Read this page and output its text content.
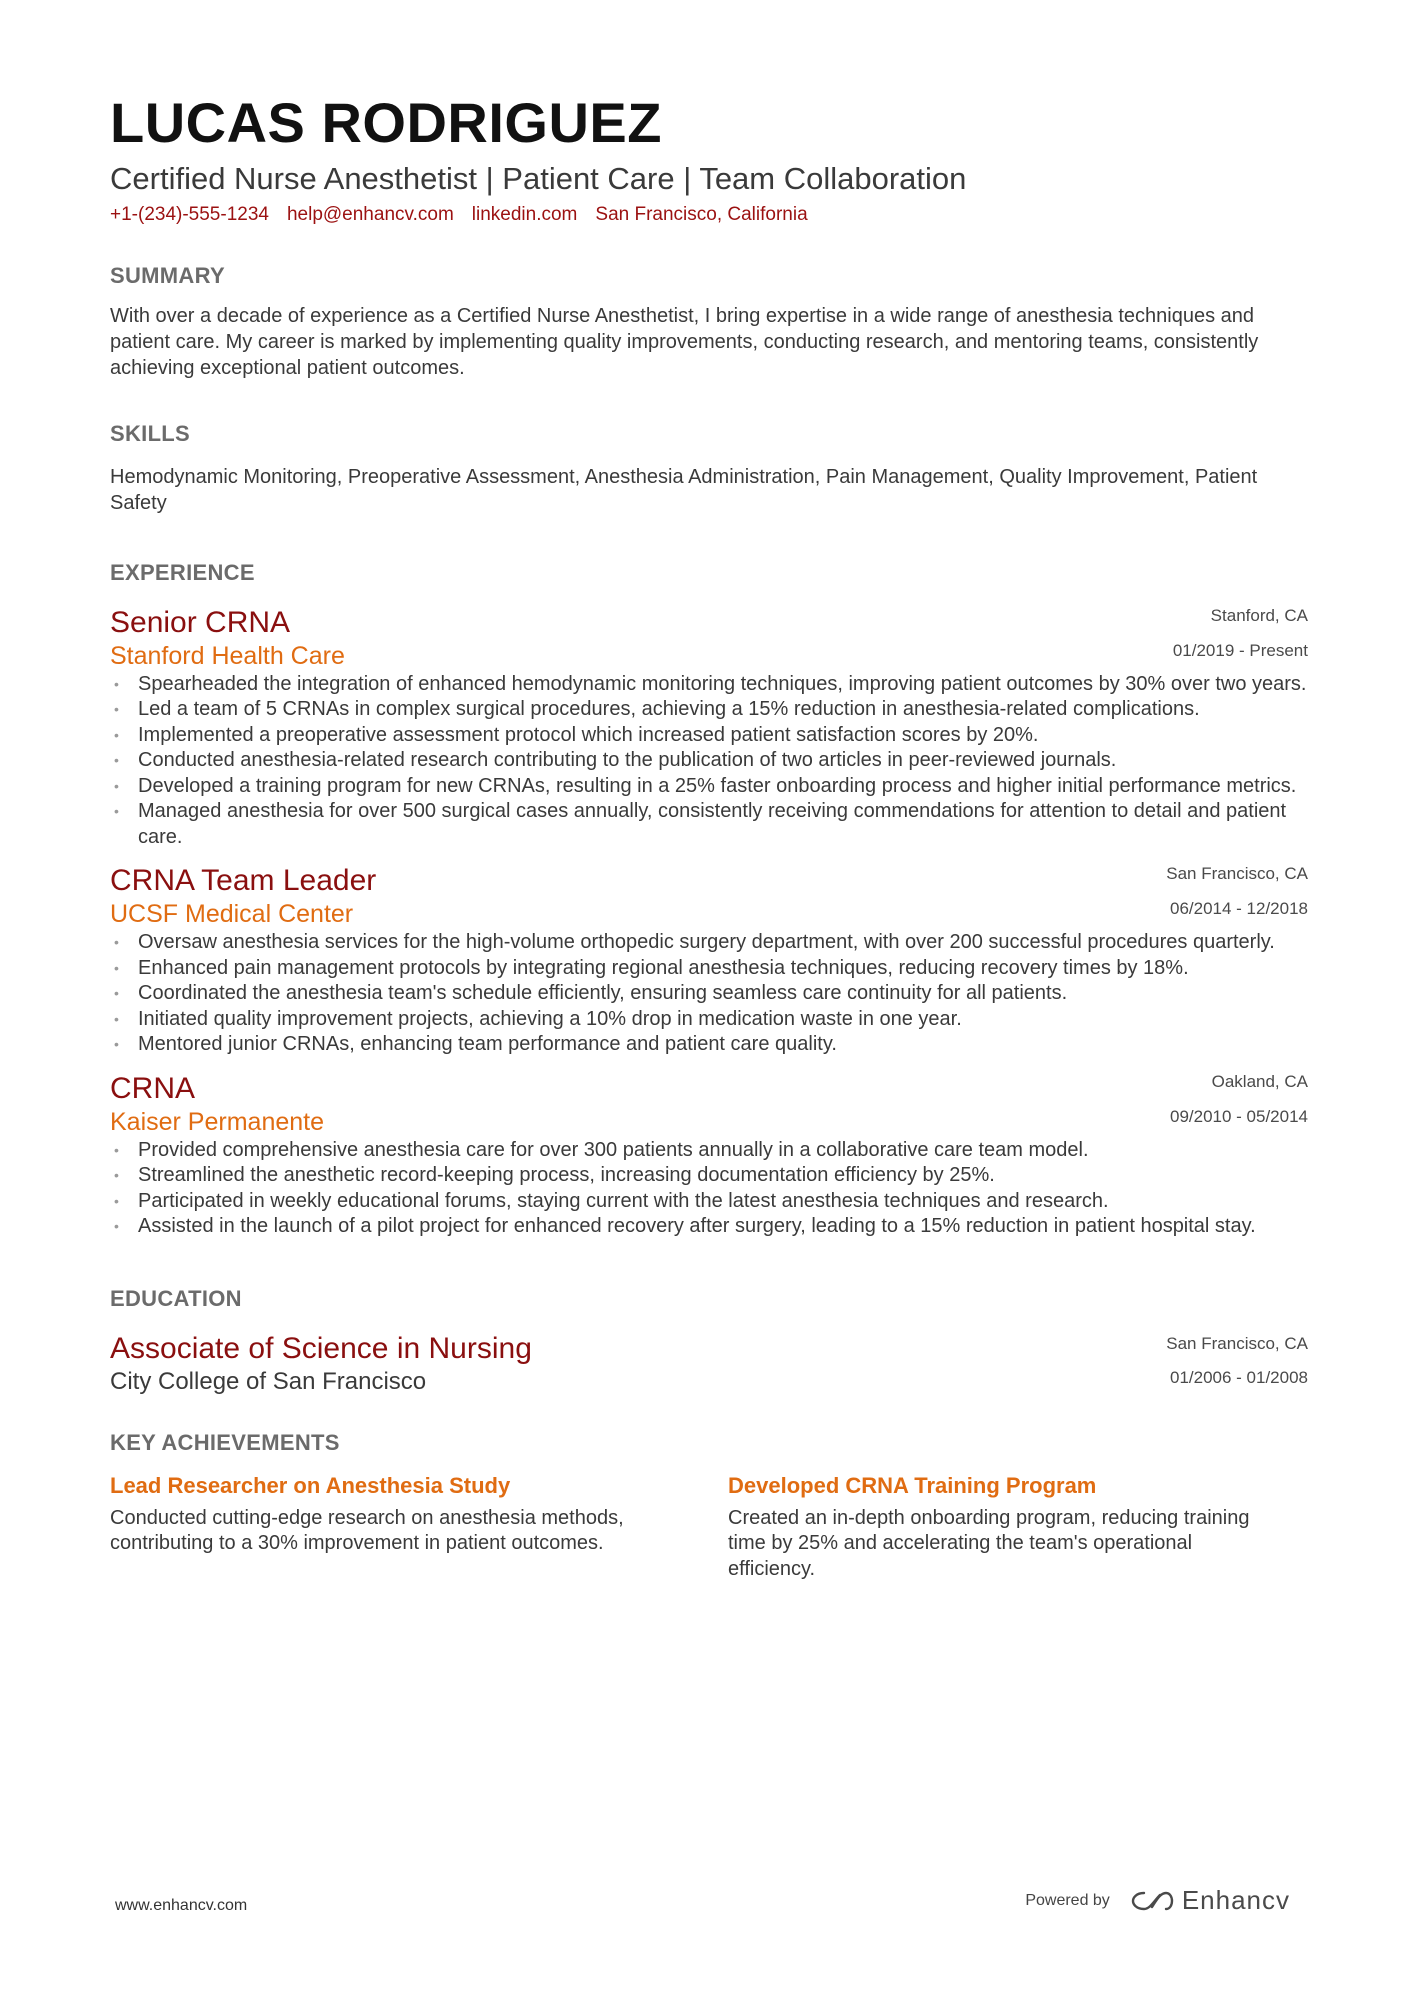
LUCAS RODRIGUEZ
Certified Nurse Anesthetist | Patient Care | Team Collaboration
+1-(234)-555-1234 help@enhancv.com linkedin.com San Francisco, California
SUMMARY
With over a decade of experience as a Certified Nurse Anesthetist, I bring expertise in a wide range of anesthesia techniques and patient care. My career is marked by implementing quality improvements, conducting research, and mentoring teams, consistently achieving exceptional patient outcomes.
SKILLS
Hemodynamic Monitoring, Preoperative Assessment, Anesthesia Administration, Pain Management, Quality Improvement, Patient Safety
EXPERIENCE
Senior CRNA
Stanford Health Care
Stanford, CA
01/2019 - Present
• Spearheaded the integration of enhanced hemodynamic monitoring techniques, improving patient outcomes by 30% over two years.
• Led a team of 5 CRNAs in complex surgical procedures, achieving a 15% reduction in anesthesia-related complications.
• Implemented a preoperative assessment protocol which increased patient satisfaction scores by 20%.
• Conducted anesthesia-related research contributing to the publication of two articles in peer-reviewed journals.
• Developed a training program for new CRNAs, resulting in a 25% faster onboarding process and higher initial performance metrics.
• Managed anesthesia for over 500 surgical cases annually, consistently receiving commendations for attention to detail and patient care.
CRNA Team Leader
UCSF Medical Center
San Francisco, CA
06/2014 - 12/2018
• Oversaw anesthesia services for the high-volume orthopedic surgery department, with over 200 successful procedures quarterly.
• Enhanced pain management protocols by integrating regional anesthesia techniques, reducing recovery times by 18%.
• Coordinated the anesthesia team's schedule efficiently, ensuring seamless care continuity for all patients.
• Initiated quality improvement projects, achieving a 10% drop in medication waste in one year.
• Mentored junior CRNAs, enhancing team performance and patient care quality.
CRNA
Kaiser Permanente
Oakland, CA
09/2010 - 05/2014
• Provided comprehensive anesthesia care for over 300 patients annually in a collaborative care team model.
• Streamlined the anesthetic record-keeping process, increasing documentation efficiency by 25%.
• Participated in weekly educational forums, staying current with the latest anesthesia techniques and research.
• Assisted in the launch of a pilot project for enhanced recovery after surgery, leading to a 15% reduction in patient hospital stay.
EDUCATION
Associate of Science in Nursing
City College of San Francisco
San Francisco, CA
01/2006 - 01/2008
KEY ACHIEVEMENTS
Lead Researcher on Anesthesia Study
Conducted cutting-edge research on anesthesia methods, contributing to a 30% improvement in patient outcomes.
Developed CRNA Training Program
Created an in-depth onboarding program, reducing training time by 25% and accelerating the team's operational efficiency.
www.enhancv.com	Powered by	Enhancv
